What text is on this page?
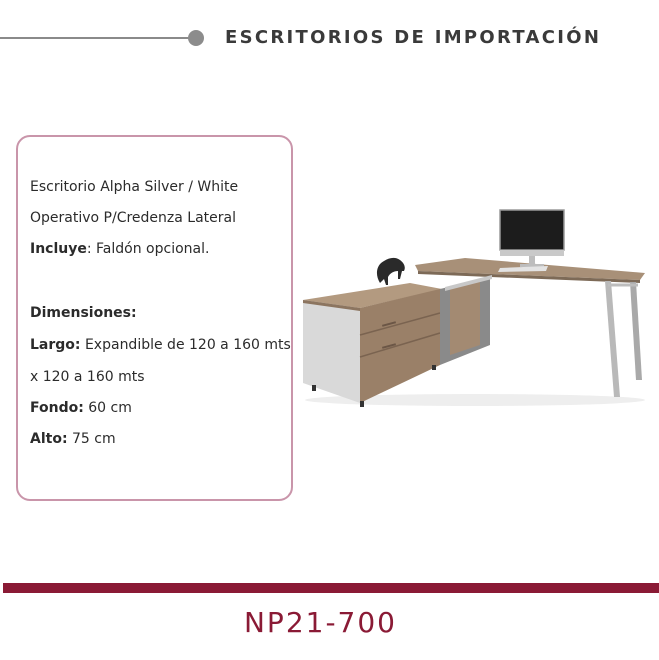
ESCRITORIOS DE IMPORTACIÓN
Escritorio Alpha Silver / White
Operativo P/Credenza Lateral
Incluye: Faldón opcional.
Dimensiones:
Largo: Expandible de 120 a 160 mts
x 120 a 160 mts
Fondo: 60 cm
Alto: 75 cm
NP21-700
